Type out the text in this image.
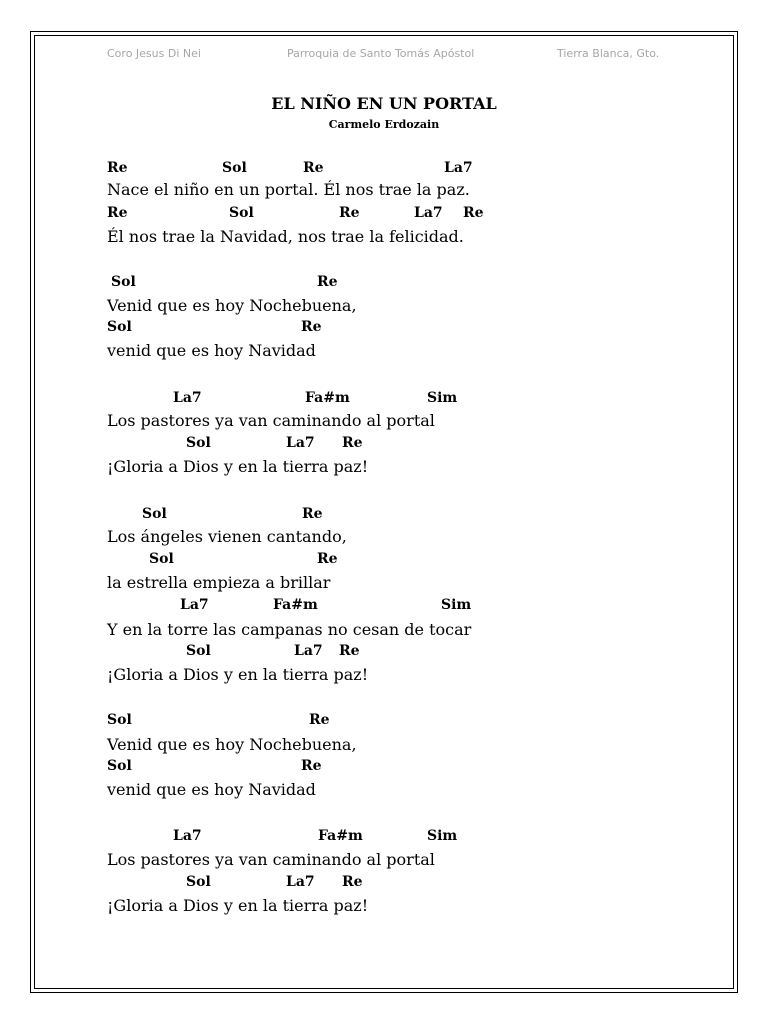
Coro Jesus Di Nei	Parroquia de Santo Tomás Apóstol	Tierra Blanca, Gto.
EL NIÑO EN UN PORTAL
Carmelo Erdozain
Re	Sol	Re	La7
Nace el niño en un portal. Él nos trae la paz.
Re	Sol	Re	La7 Re
Él nos trae la Navidad, nos trae la felicidad.
Sol	Re
Venid que es hoy Nochebuena,
Sol	Re
venid que es hoy Navidad
La7	Fa#m	Sim
Los pastores ya van caminando al portal
Sol	La7 Re
¡Gloria a Dios y en la tierra paz!
Sol	Re
Los ángeles vienen cantando,
Sol	Re
la estrella empieza a brillar
La7	Fa#m	Sim
Y en la torre las campanas no cesan de tocar
Sol	La7 Re
¡Gloria a Dios y en la tierra paz!
Sol	Re
Venid que es hoy Nochebuena,
Sol	Re
venid que es hoy Navidad
La7	Fa#m	Sim
Los pastores ya van caminando al portal
Sol	La7 Re
¡Gloria a Dios y en la tierra paz!
